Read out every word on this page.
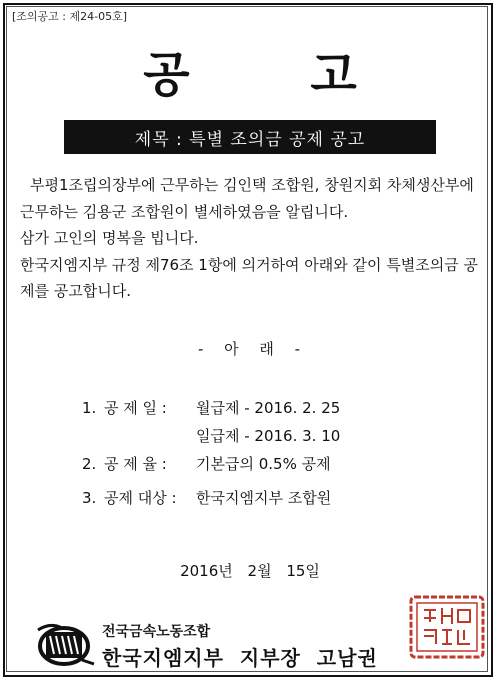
[조의공고 : 제24-05호]
공 고
제목 : 특별 조의금 공제 공고

부평1조립의장부에 근무하는 김인택 조합원, 창원지회 차체생산부에 근무하는 김용군 조합원이 별세하였음을 알립니다.

삼가 고인의 명복을 빕니다.

한국지엠지부 규정 제76조 1항에 의거하여 아래와 같이 특별조의금 공제를 공고합니다.

- 아 래 -
1. 공 제 일 :	월급제 - 2016. 2. 25
일급제 - 2016. 3. 10
2. 공 제 율 :	기본급의 0.5% 공제
3. 공제 대상 :	한국지엠지부 조합원
2016년 2월 15일
전국금속노동조합
한국지엠지부 지부장 고남권
